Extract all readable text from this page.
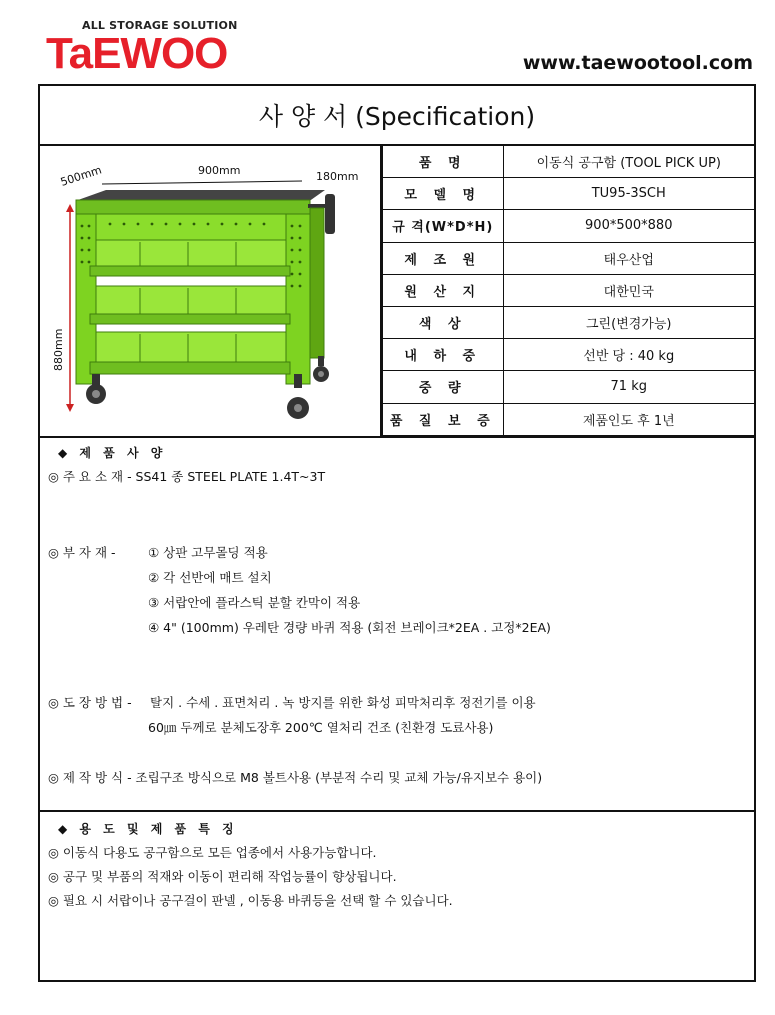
ALL STORAGE SOLUTION
TaEWOO	www.taewootool.com
사 양 서 (Specification)
900mm
500mm	180mm
880mm
품 명	이동식 공구함 (TOOL PICK UP)
모 델 명	TU95-3SCH
규 격(W*D*H)	900*500*880
제 조 원	태우산업
원 산 지	대한민국
색 상	그린(변경가능)
내 하 중	선반 당 : 40 kg
중 량	71 kg
품 질 보 증	제품인도 후 1년
◆ 제 품 사 양
◎ 주 요 소 재 - SS41 종 STEEL PLATE 1.4T~3T
◎ 부 자 재 -	① 상판 고무몰딩 적용
② 각 선반에 매트 설치
③ 서랍안에 플라스틱 분할 칸막이 적용
④ 4" (100mm) 우레탄 경량 바퀴 적용 (회전 브레이크*2EA . 고정*2EA)
◎ 도 장 방 법 - 탈지 . 수세 . 표면처리 . 녹 방지를 위한 화성 피막처리후 정전기를 이용
60㎛ 두께로 분체도장후 200℃ 열처리 건조 (친환경 도료사용)
◎ 제 작 방 식 - 조립구조 방식으로 M8 볼트사용 (부분적 수리 및 교체 가능/유지보수 용이)
◆ 용 도 및 제 품 특 징
◎ 이동식 다용도 공구함으로 모든 업종에서 사용가능합니다.
◎ 공구 및 부품의 적재와 이동이 편리해 작업능률이 향상됩니다.
◎ 필요 시 서랍이나 공구걸이 판넬 , 이동용 바퀴등을 선택 할 수 있습니다.
